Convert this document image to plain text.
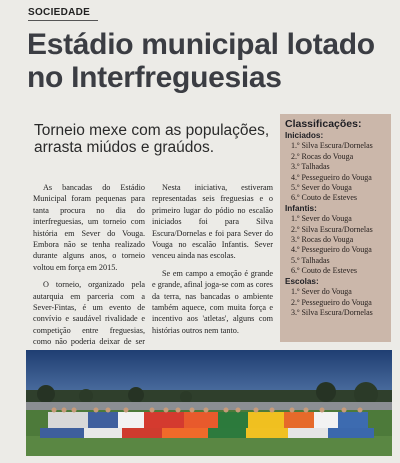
SOCIEDADE
Estádio municipal lotado no Interfreguesias
Torneio mexe com as populações, arrasta miúdos e graúdos.

As bancadas do Estádio Municipal foram pequenas para tanta procura no dia do interfreguesias, um torneio com história em Sever do Vouga. Embora não se tenha realizado durante alguns anos, o torneio voltou em força em 2015.

O torneio, organizado pela autarquia em parceria com a Sever-Fintas, é um evento de convívio e saudável rivalidade e competição entre freguesias, como não poderia deixar de ser

Nesta iniciativa, estiveram representadas seis freguesias e o primeiro lugar do pódio no escalão iniciados foi para Silva Escura/Dornelas e foi para Sever do Vouga no escalão Infantis. Sever venceu ainda nas escolas.

Se em campo a emoção é grande e grande, afinal joga-se com as cores da terra, nas bancadas o ambiente também aquece, com muita força e incentivo aos 'atletas', alguns com histórias outros nem tanto.

Classificações:
Iniciados:
1.º Silva Escura/Dornelas
2.º Rocas do Vouga
3.º Talhadas
4.º Pessegueiro do Vouga
5.º Sever do Vouga
6.º Couto de Esteves
Infantis:
1.º Sever do Vouga
2.º Silva Escura/Dornelas
3.º Rocas do Vouga
4.º Pessegueiro do Vouga
5.º Talhadas
6.º Couto de Esteves
Escolas:
1.º Sever do Vouga
2.º Pessegueiro do Vouga
3.º Silva Escura/Dornelas
